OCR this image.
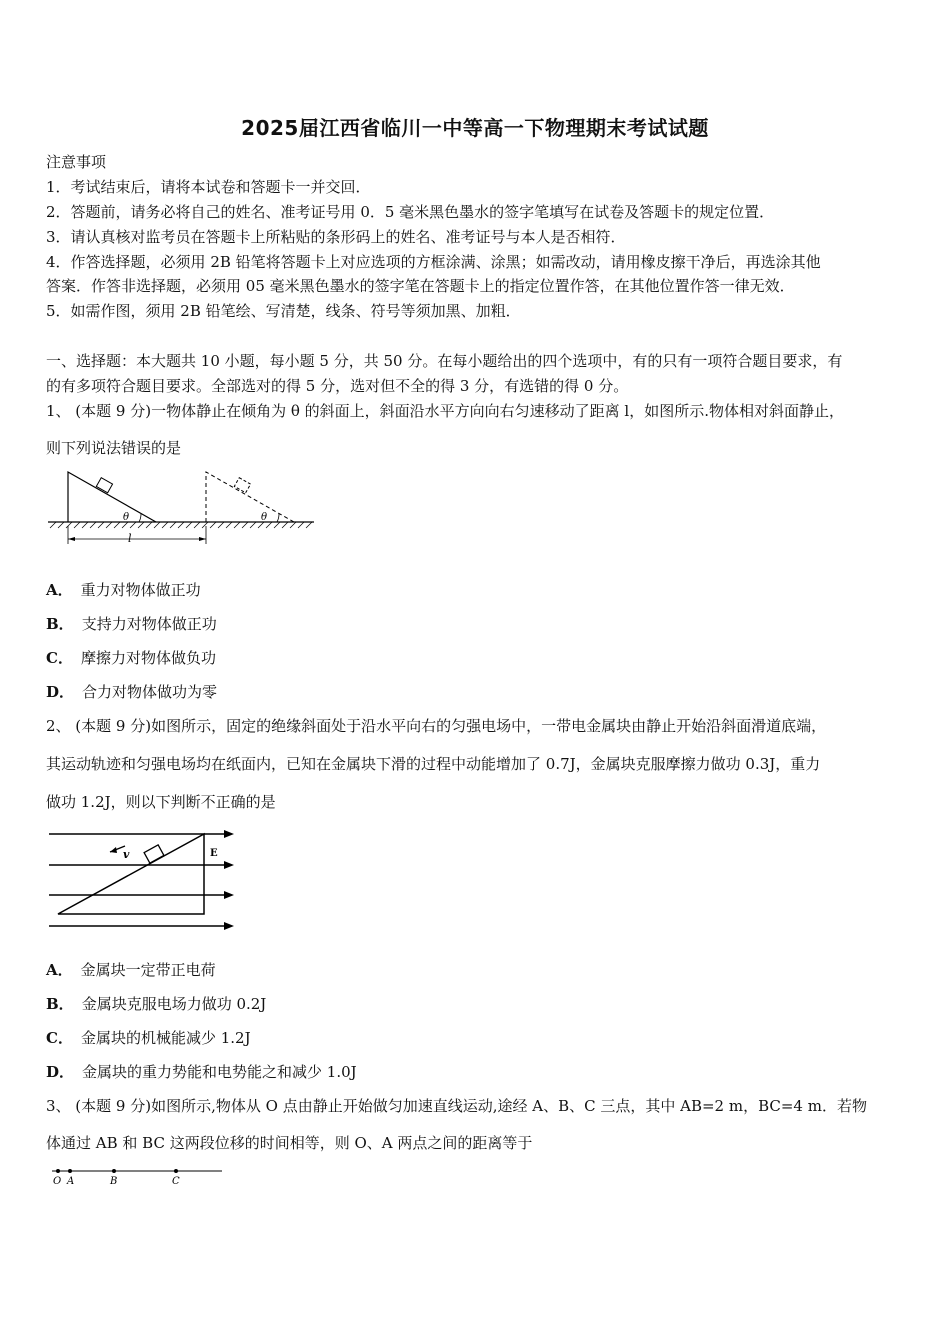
2025届江西省临川一中等高一下物理期末考试试题
注意事项
1．考试结束后，请将本试卷和答题卡一并交回．
2．答题前，请务必将自己的姓名、准考证号用 0．5 毫米黑色墨水的签字笔填写在试卷及答题卡的规定位置．
3．请认真核对监考员在答题卡上所粘贴的条形码上的姓名、准考证号与本人是否相符．
4．作答选择题，必须用 2B 铅笔将答题卡上对应选项的方框涂满、涂黑；如需改动，请用橡皮擦干净后，再选涂其他
答案．作答非选择题，必须用 05 毫米黑色墨水的签字笔在答题卡上的指定位置作答，在其他位置作答一律无效．
5．如需作图，须用 2B 铅笔绘、写清楚，线条、符号等须加黑、加粗．
一、选择题：本大题共 10 小题，每小题 5 分，共 50 分。在每小题给出的四个选项中，有的只有一项符合题目要求，有
的有多项符合题目要求。全部选对的得 5 分，选对但不全的得 3 分，有选错的得 0 分。
1、 (本题 9 分)一物体静止在倾角为 θ 的斜面上，斜面沿水平方向向右匀速移动了距离 l，如图所示.物体相对斜面静止，
则下列说法错误的是
θ	θ
l
A． 重力对物体做正功
B． 支持力对物体做正功
C． 摩擦力对物体做负功
D． 合力对物体做功为零
2、 (本题 9 分)如图所示，固定的绝缘斜面处于沿水平向右的匀强电场中，一带电金属块由静止开始沿斜面滑道底端，
其运动轨迹和匀强电场均在纸面内，已知在金属块下滑的过程中动能增加了 0.7J，金属块克服摩擦力做功 0.3J，重力
做功 1.2J，则以下判断不正确的是
v	E
A． 金属块一定带正电荷
B． 金属块克服电场力做功 0.2J
C． 金属块的机械能减少 1.2J
D． 金属块的重力势能和电势能之和减少 1.0J
3、 (本题 9 分)如图所示,物体从 O 点由静止开始做匀加速直线运动,途经 A、B、C 三点，其中 AB=2 m，BC=4 m．若物
体通过 AB 和 BC 这两段位移的时间相等，则 O、A 两点之间的距离等于
O A	B	C
